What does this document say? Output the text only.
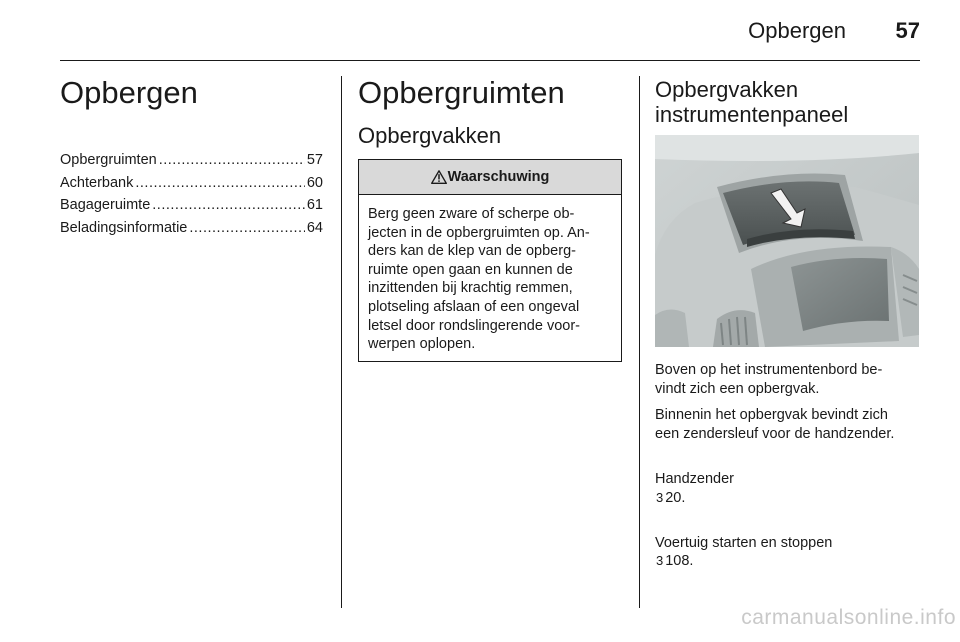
Opbergen	57
Opbergen
Opbergruimten .....	57
Achterbank .....	60
Bagageruimte .....	61
Beladingsinformatie .....	64
Opbergruimten
Opbergvakken
Waarschuwing
Berg geen zware of scherpe ob-
jecten in de opbergruimten op. An-
ders kan de klep van de opberg-
ruimte open gaan en kunnen de
inzittenden bij krachtig remmen,
plotseling afslaan of een ongeval
letsel door rondslingerende voor-
werpen oplopen.
Opbergvakken
instrumentenpaneel
Boven op het instrumentenbord be-
vindt zich een opbergvak.
Binnenin het opbergvak bevindt zich
een zendersleuf voor de handzender.

Handzender
3 20.

Voertuig starten en stoppen
3 108.

carmanualsonline.info
